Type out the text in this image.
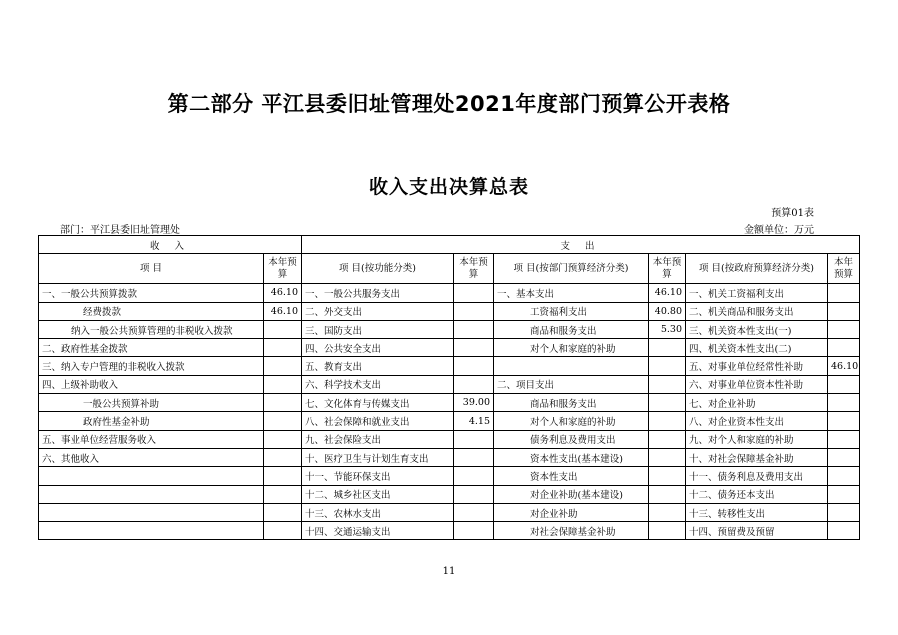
第二部分 平江县委旧址管理处2021年度部门预算公开表格
收入支出决算总表
预算01表
部门：平江县委旧址管理处	金额单位：万元
收 入		支 出					
项 目	本年预算	项 目(按功能分类)	本年预算	项 目(按部门预算经济分类)	本年预算	项 目(按政府预算经济分类)	本年预算
一、一般公共预算拨款	46.10	一、一般公共服务支出		一、基本支出	46.10	一、机关工资福利支出	
经费拨款	46.10	二、外交支出		工资福利支出	40.80	二、机关商品和服务支出	
纳入一般公共预算管理的非税收入拨款		三、国防支出		商品和服务支出	5.30	三、机关资本性支出(一)	
二、政府性基金拨款		四、公共安全支出		对个人和家庭的补助		四、机关资本性支出(二)	
三、纳入专户管理的非税收入拨款		五、教育支出				五、对事业单位经常性补助	46.10
四、上级补助收入		六、科学技术支出		二、项目支出		六、对事业单位资本性补助	
一般公共预算补助		七、文化体育与传媒支出	39.00	商品和服务支出		七、对企业补助	
政府性基金补助		八、社会保障和就业支出	4.15	对个人和家庭的补助		八、对企业资本性支出	
五、事业单位经营服务收入		九、社会保险支出		债务利息及费用支出		九、对个人和家庭的补助	
六、其他收入		十、医疗卫生与计划生育支出		资本性支出(基本建设)		十、对社会保障基金补助	
		十一、节能环保支出		资本性支出		十一、债务利息及费用支出	
		十二、城乡社区支出		对企业补助(基本建设)		十二、债务还本支出	
		十三、农林水支出		对企业补助		十三、转移性支出	
		十四、交通运输支出		对社会保障基金补助		十四、预留费及预留	
11
